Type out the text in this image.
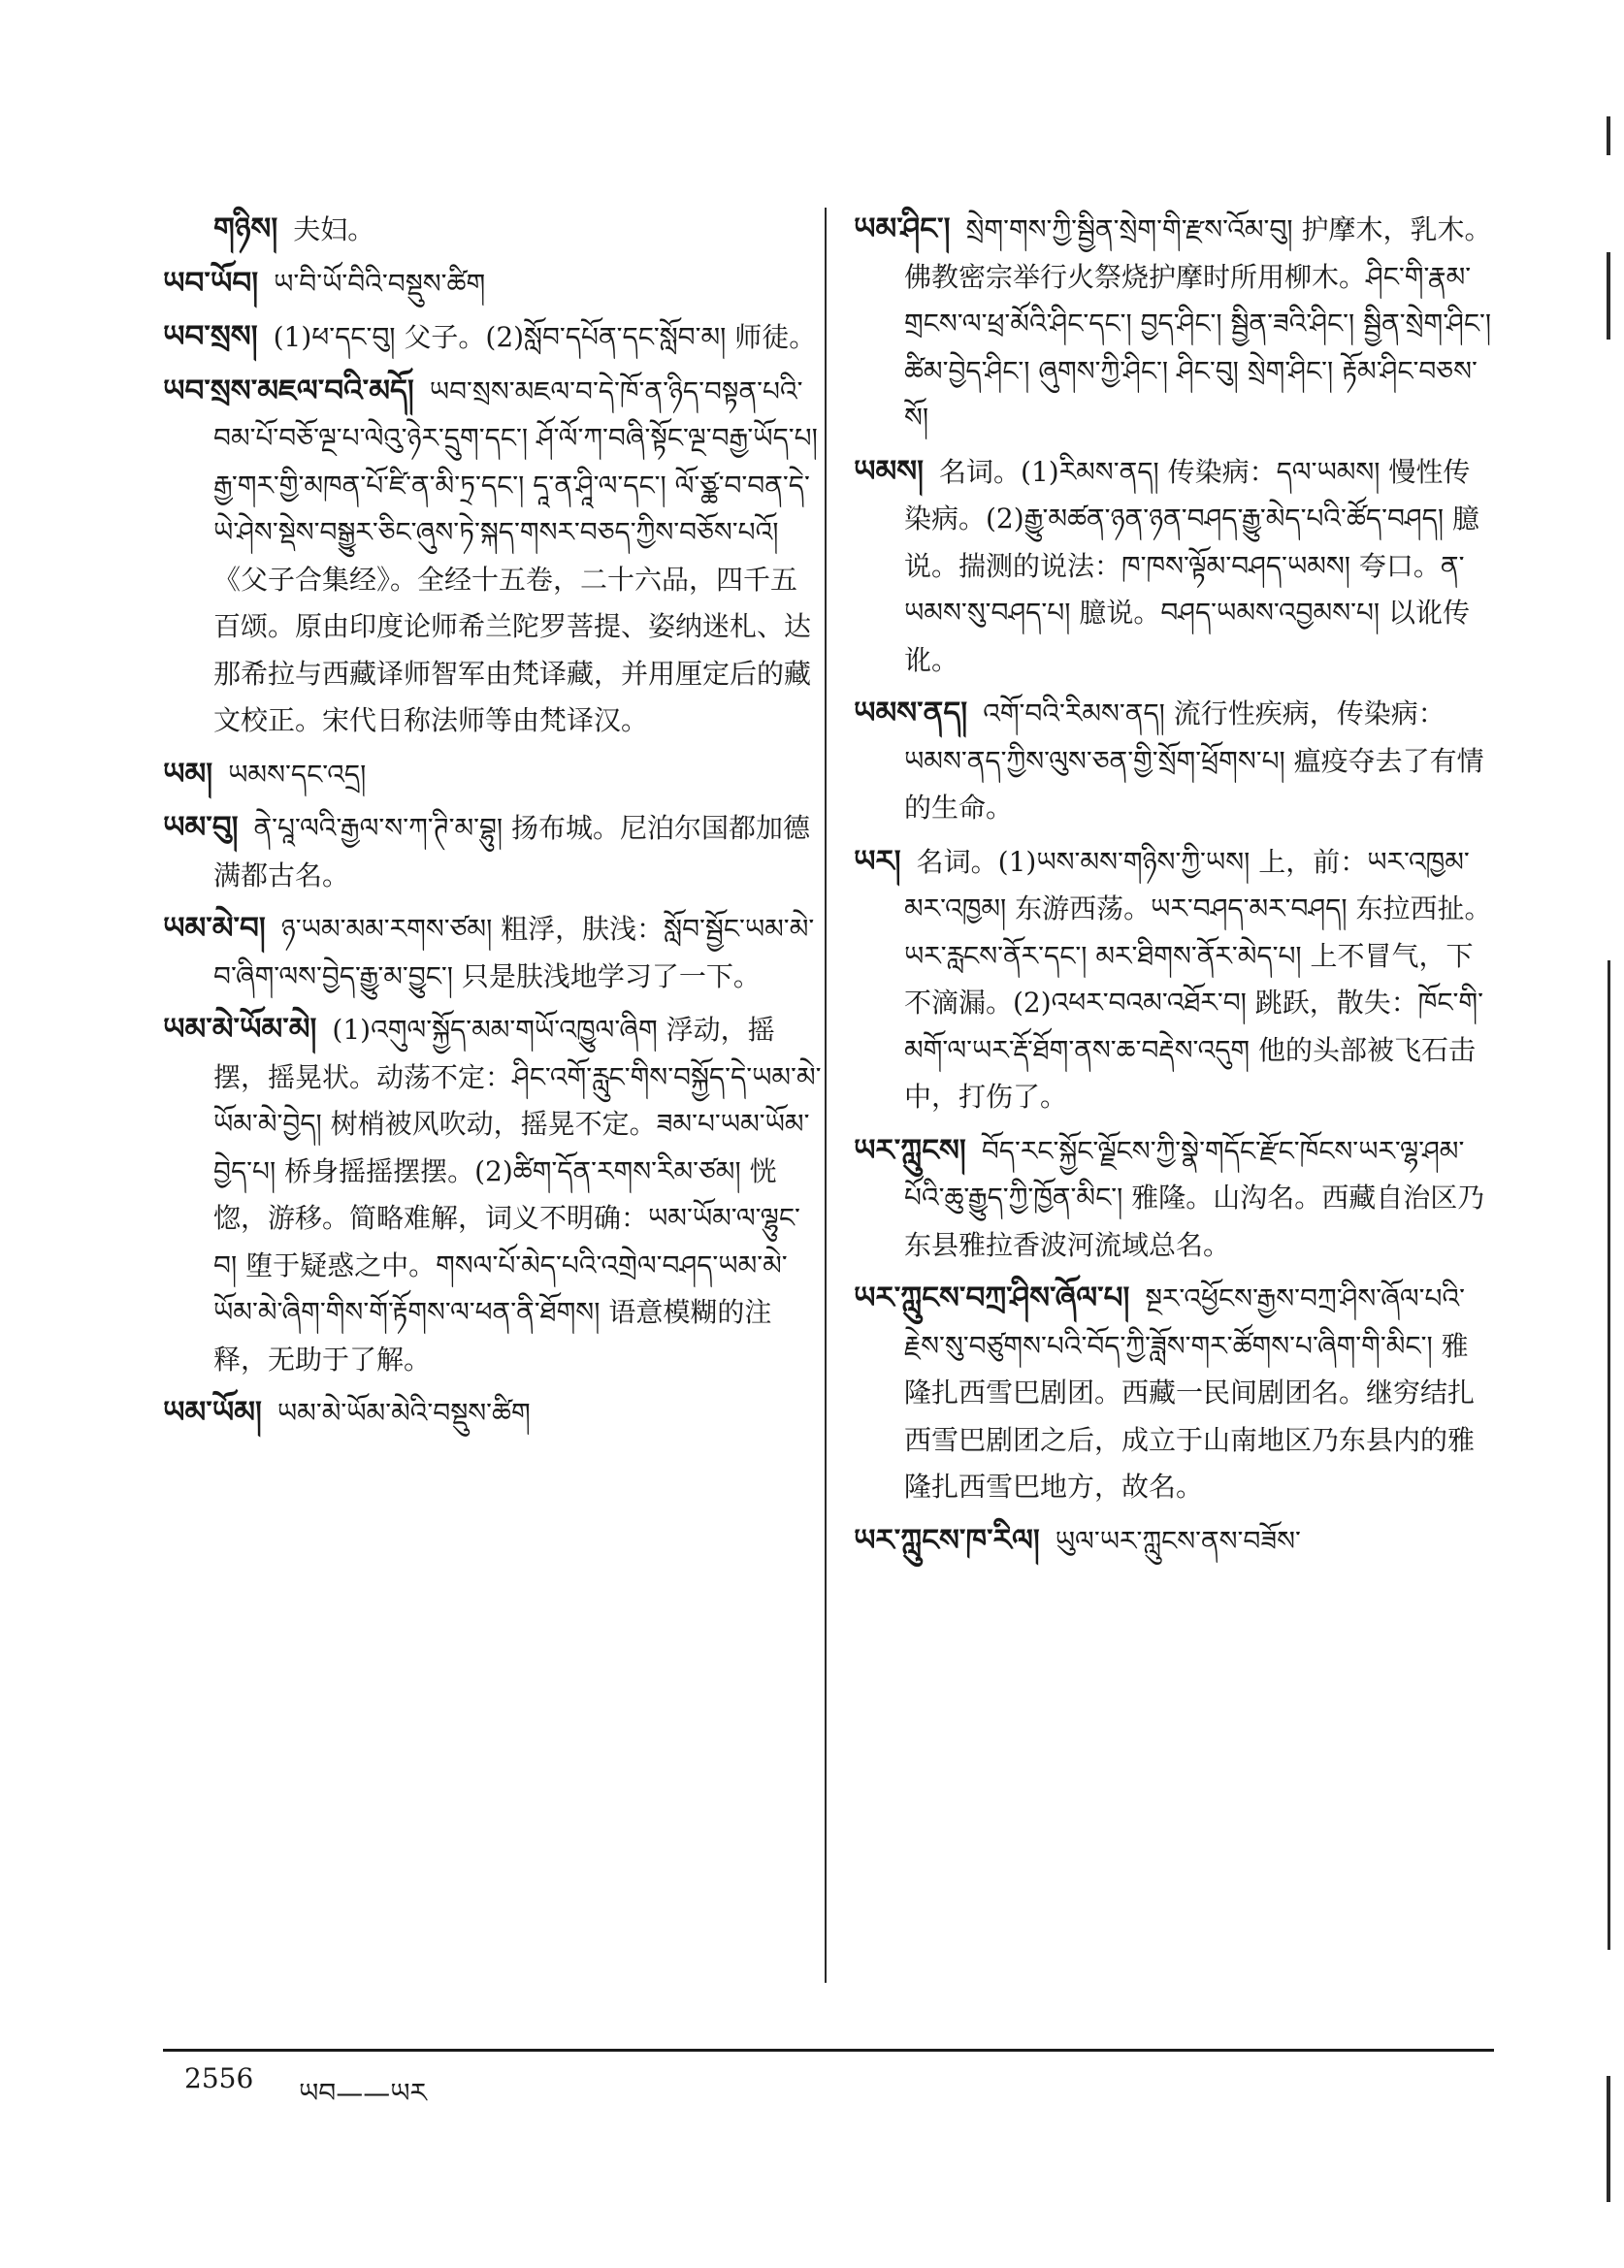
གཉིས། 夫妇。

ཡབ་ཡོབ། ཡ་བི་ཡོ་བིའི་བསྡུས་ཚིག

ཡབ་སྲས། (1)ཕ་དང་བུ། 父子。(2)སློབ་དཔོན་དང་སློབ་མ། 师徒。

ཡབ་སྲས་མཇལ་བའི་མདོ། ཡབ་སྲས་མཇལ་བ་དེ་ཁོ་ན་ཉིད་བསྟན་པའི་བམ་པོ་བཅོ་ལྔ་པ་ལེའུ་ཉེར་དྲུག་དང་། ཤོ་ལོ་ཀ་བཞི་སྟོང་ལྔ་བརྒྱ་ཡོད་པ། རྒྱ་གར་གྱི་མཁན་པོ་ཛི་ན་མི་ཏྲ་དང་། དཱ་ན་ཤཱི་ལ་དང་། ལོ་ཙྪ་བ་བན་དེ་ཡེ་ཤེས་སྡེས་བསྒྱུར་ཅིང་ཞུས་ཏེ་སྐད་གསར་བཅད་ཀྱིས་བཅོས་པའོ། 《父子合集经》。全经十五卷，二十六品，四千五百颂。原由印度论师希兰陀罗菩提、姿纳迷札、达那希拉与西藏译师智军由梵译藏，并用厘定后的藏文校正。宋代日称法师等由梵译汉。

ཡམ། ཡམས་དང་འདྲ།

ཡམ་བུ། ནེ་པཱ་ལའི་རྒྱལ་ས་ཀ་ཊི་མ་བྷུ། 扬布城。尼泊尔国都加德满都古名。

ཡམ་མེ་བ། ཉ་ཡམ་མམ་རགས་ཙམ། 粗浮，肤浅：སློབ་སྦྱོང་ཡམ་མེ་བ་ཞིག་ལས་བྱེད་རྒྱུ་མ་བྱུང་། 只是肤浅地学习了一下。

ཡམ་མེ་ཡོམ་མེ། (1)འགུལ་སྐྱོད་མམ་གཡོ་འཁྱུལ་ཞིག 浮动，摇摆，摇晃状。动荡不定：ཤིང་འགོ་རླུང་གིས་བསྐྱོད་དེ་ཡམ་མེ་ཡོམ་མེ་བྱེད། 树梢被风吹动，摇晃不定。ཟམ་པ་ཡམ་ཡོམ་བྱེད་པ། 桥身摇摇摆摆。(2)ཚིག་དོན་རགས་རིམ་ཙམ། 恍惚，游移。简略难解，词义不明确：ཡམ་ཡོམ་ལ་ལྷུང་བ། 堕于疑惑之中。གསལ་པོ་མེད་པའི་འགྲེལ་བཤད་ཡམ་མེ་ཡོམ་མེ་ཞིག་གིས་གོ་རྟོགས་ལ་ཕན་ནི་ཐོགས། 语意模糊的注释，无助于了解。

ཡམ་ཡོམ། ཡམ་མེ་ཡོམ་མེའི་བསྡུས་ཚིག

ཡམ་ཤིང་། སྲེག་གས་ཀྱི་སྦྱིན་སྲེག་གི་རྫས་འོམ་བུ། 护摩木，乳木。佛教密宗举行火祭烧护摩时所用柳木。ཤིང་གི་རྣམ་གྲངས་ལ་ཕྲ་མོའི་ཤིང་དང་། བྱད་ཤིང་། སྦྱིན་ཟའི་ཤིང་། སྦྱིན་སྲེག་ཤིང་། ཚིམ་བྱེད་ཤིང་། ཞུགས་ཀྱི་ཤིང་། ཤིང་བུ། སྲེག་ཤིང་། རྟོམ་ཤིང་བཅས་སོ།

ཡམས། 名词。(1)རིམས་ནད། 传染病：དལ་ཡམས། 慢性传染病。(2)རྒྱུ་མཚན་ཉན་ཉན་བཤད་རྒྱུ་མེད་པའི་ཚོད་བཤད། 臆说。揣测的说法：ཁ་ཁས་ལྟོམ་བཤད་ཡམས། 夸口。ན་ཡམས་སུ་བཤད་པ། 臆说。བཤད་ཡམས་འབྱམས་པ། 以讹传讹。

ཡམས་ནད། འགོ་བའི་རིམས་ནད། 流行性疾病，传染病：ཡམས་ནད་ཀྱིས་ལུས་ཅན་གྱི་སྲོག་ཕྲོགས་པ། 瘟疫夺去了有情的生命。

ཡར། 名词。(1)ཡས་མས་གཉིས་ཀྱི་ཡས། 上，前：ཡར་འཁྱམ་མར་འཁྱམ། 东游西荡。ཡར་བཤད་མར་བཤད། 东拉西扯。ཡར་རླངས་ནོར་དང་། མར་ཐིགས་ནོར་མེད་པ། 上不冒气，下不滴漏。(2)འཕར་བའམ་འཐོར་བ། 跳跃，散失：ཁོང་གི་མགོ་ལ་ཡར་རྡོ་ཐོག་ནས་ཆ་བརྡེས་འདུག 他的头部被飞石击中，打伤了。

ཡར་ཀླུངས། བོད་རང་སྐྱོང་ལྗོངས་ཀྱི་སྣེ་གདོང་རྫོང་ཁོངས་ཡར་ལྷ་ཤམ་པོའི་ཆུ་རྒྱུད་ཀྱི་ཁྱོན་མིང་། 雅隆。山沟名。西藏自治区乃东县雅拉香波河流域总名。

ཡར་ཀླུངས་བཀྲ་ཤིས་ཞོལ་པ། སྔར་འཕྱོངས་རྒྱས་བཀྲ་ཤིས་ཞོལ་པའི་རྗེས་སུ་བཙུགས་པའི་བོད་ཀྱི་ཟློས་གར་ཚོགས་པ་ཞིག་གི་མིང་། 雅隆扎西雪巴剧团。西藏一民间剧团名。继穷结扎西雪巴剧团之后，成立于山南地区乃东县内的雅隆扎西雪巴地方，故名。

ཡར་ཀླུངས་ཁ་རིལ། ཡུལ་ཡར་ཀླུངས་ནས་བཟོས་

2556 ཡབ——ཡར
